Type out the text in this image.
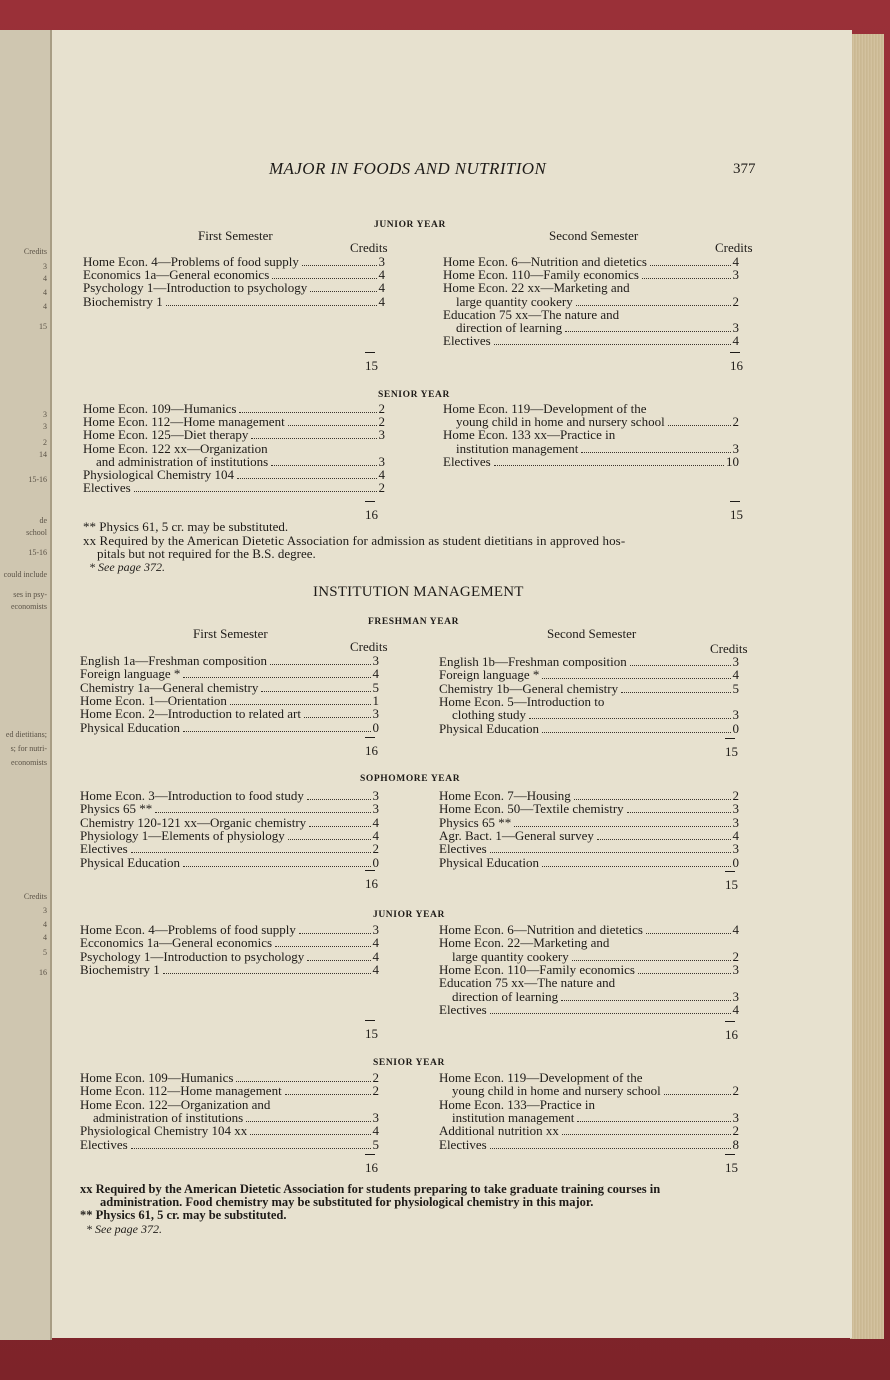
Credits
3
4
4
4
15
3
3
2
14
15-16
de
school
15-16
could include
ses in psy-
economists
ed dietitians;
s; for nutri-
economists
Credits
3
4
4
5
16
MAJOR IN FOODS AND NUTRITION	377
JUNIOR YEAR
First Semester	Second Semester
Credits	Credits
Home Econ. 4—Problems of food supply	3
Economics 1a—General economics	4
Psychology 1—Introduction to psychology	4
Biochemistry 1	4
Home Econ. 6—Nutrition and dietetics	4
Home Econ. 110—Family economics	3
Home Econ. 22 xx—Marketing and
large quantity cookery	2
Education 75 xx—The nature and
direction of learning	3
Electives	4
15	16
SENIOR YEAR
Home Econ. 109—Humanics	2
Home Econ. 112—Home management	2
Home Econ. 125—Diet therapy	3
Home Econ. 122 xx—Organization
and administration of institutions	3
Physiological Chemistry 104	4
Electives	2
Home Econ. 119—Development of the
young child in home and nursery school	2
Home Econ. 133 xx—Practice in
institution management	3
Electives	10
16	15
** Physics 61, 5 cr. may be substituted.
xx Required by the American Dietetic Association for admission as student dietitians in approved hos-
pitals but not required for the B.S. degree.
* See page 372.
INSTITUTION MANAGEMENT
FRESHMAN YEAR
First Semester	Second Semester
Credits	Credits
English 1a—Freshman composition	3
Foreign language *	4
Chemistry 1a—General chemistry	5
Home Econ. 1—Orientation	1
Home Econ. 2—Introduction to related art	3
Physical Education	0
English 1b—Freshman composition	3
Foreign language *	4
Chemistry 1b—General chemistry	5
Home Econ. 5—Introduction to
clothing study	3
Physical Education	0
16	15
SOPHOMORE YEAR
Home Econ. 3—Introduction to food study	3
Physics 65 **	3
Chemistry 120-121 xx—Organic chemistry	4
Physiology 1—Elements of physiology	4
Electives	2
Physical Education	0
Home Econ. 7—Housing	2
Home Econ. 50—Textile chemistry	3
Physics 65 **	3
Agr. Bact. 1—General survey	4
Electives	3
Physical Education	0
16	15
JUNIOR YEAR
Home Econ. 4—Problems of food supply	3
Ecconomics 1a—General economics	4
Psychology 1—Introduction to psychology	4
Biochemistry 1	4
Home Econ. 6—Nutrition and dietetics	4
Home Econ. 22—Marketing and
large quantity cookery	2
Home Econ. 110—Family economics	3
Education 75 xx—The nature and
direction of learning	3
Electives	4
15	16
SENIOR YEAR
Home Econ. 109—Humanics	2
Home Econ. 112—Home management	2
Home Econ. 122—Organization and
administration of institutions	3
Physiological Chemistry 104 xx	4
Electives	5
Home Econ. 119—Development of the
young child in home and nursery school	2
Home Econ. 133—Practice in
institution management	3
Additional nutrition xx	2
Electives	8
16	15
xx Required by the American Dietetic Association for students preparing to take graduate training courses in
administration. Food chemistry may be substituted for physiological chemistry in this major.
** Physics 61, 5 cr. may be substituted.
* See page 372.
